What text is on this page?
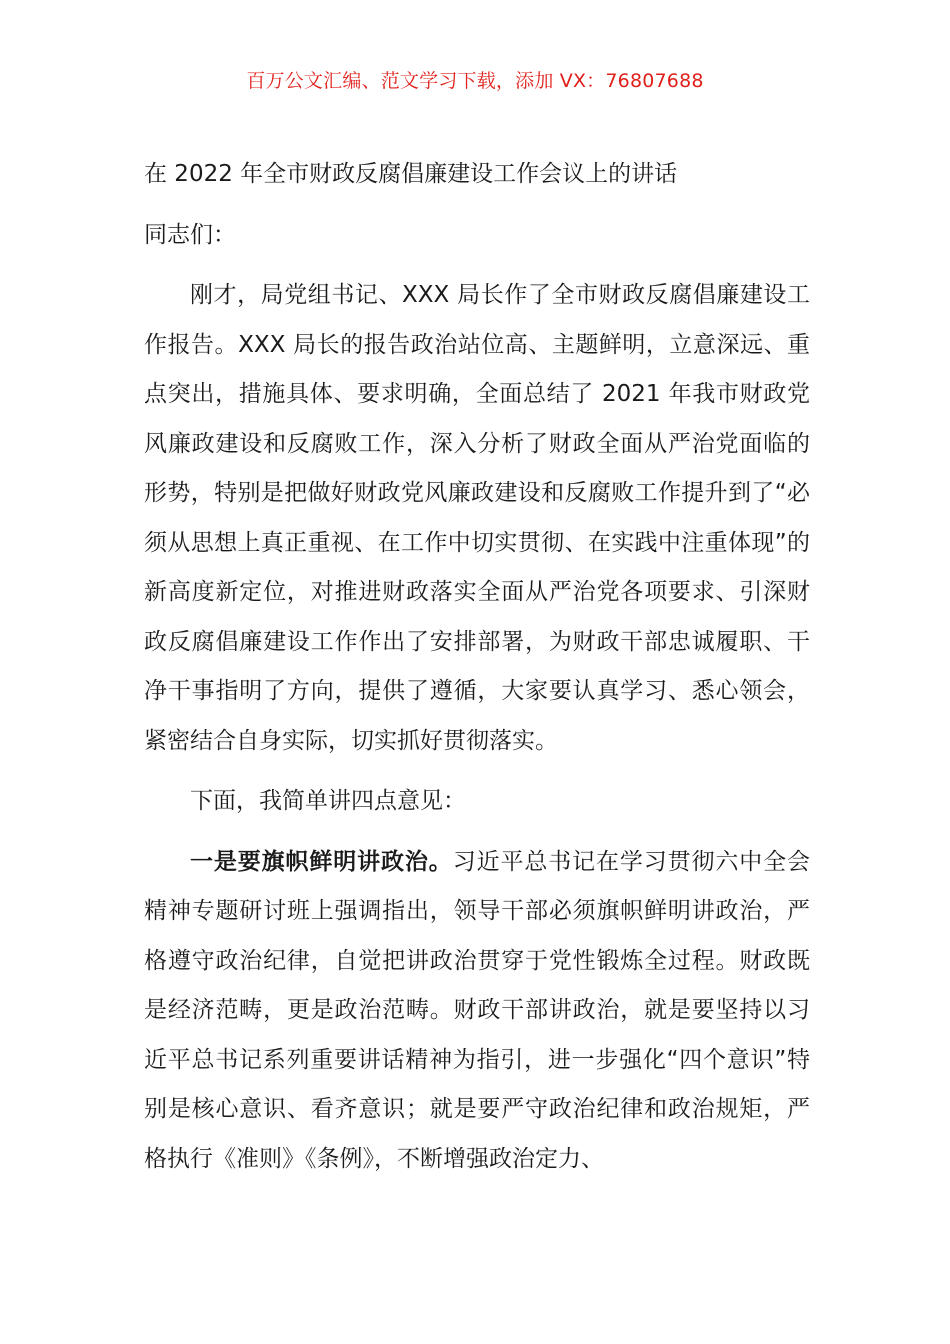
百万公文汇编、范文学习下载，添加 VX：76807688

在 2022 年全市财政反腐倡廉建设工作会议上的讲话

同志们：

刚才，局党组书记、XXX 局长作了全市财政反腐倡廉建设工作报告。XXX 局长的报告政治站位高、主题鲜明，立意深远、重点突出，措施具体、要求明确，全面总结了 2021 年我市财政党风廉政建设和反腐败工作，深入分析了财政全面从严治党面临的形势，特别是把做好财政党风廉政建设和反腐败工作提升到了“必须从思想上真正重视、在工作中切实贯彻、在实践中注重体现”的新高度新定位，对推进财政落实全面从严治党各项要求、引深财政反腐倡廉建设工作作出了安排部署，为财政干部忠诚履职、干净干事指明了方向，提供了遵循，大家要认真学习、悉心领会，紧密结合自身实际，切实抓好贯彻落实。

下面，我简单讲四点意见：

一是要旗帜鲜明讲政治。习近平总书记在学习贯彻六中全会精神专题研讨班上强调指出，领导干部必须旗帜鲜明讲政治，严格遵守政治纪律，自觉把讲政治贯穿于党性锻炼全过程。财政既是经济范畴，更是政治范畴。财政干部讲政治，就是要坚持以习近平总书记系列重要讲话精神为指引，进一步强化“四个意识”特别是核心意识、看齐意识；就是要严守政治纪律和政治规矩，严格执行《准则》《条例》，不断增强政治定力、
